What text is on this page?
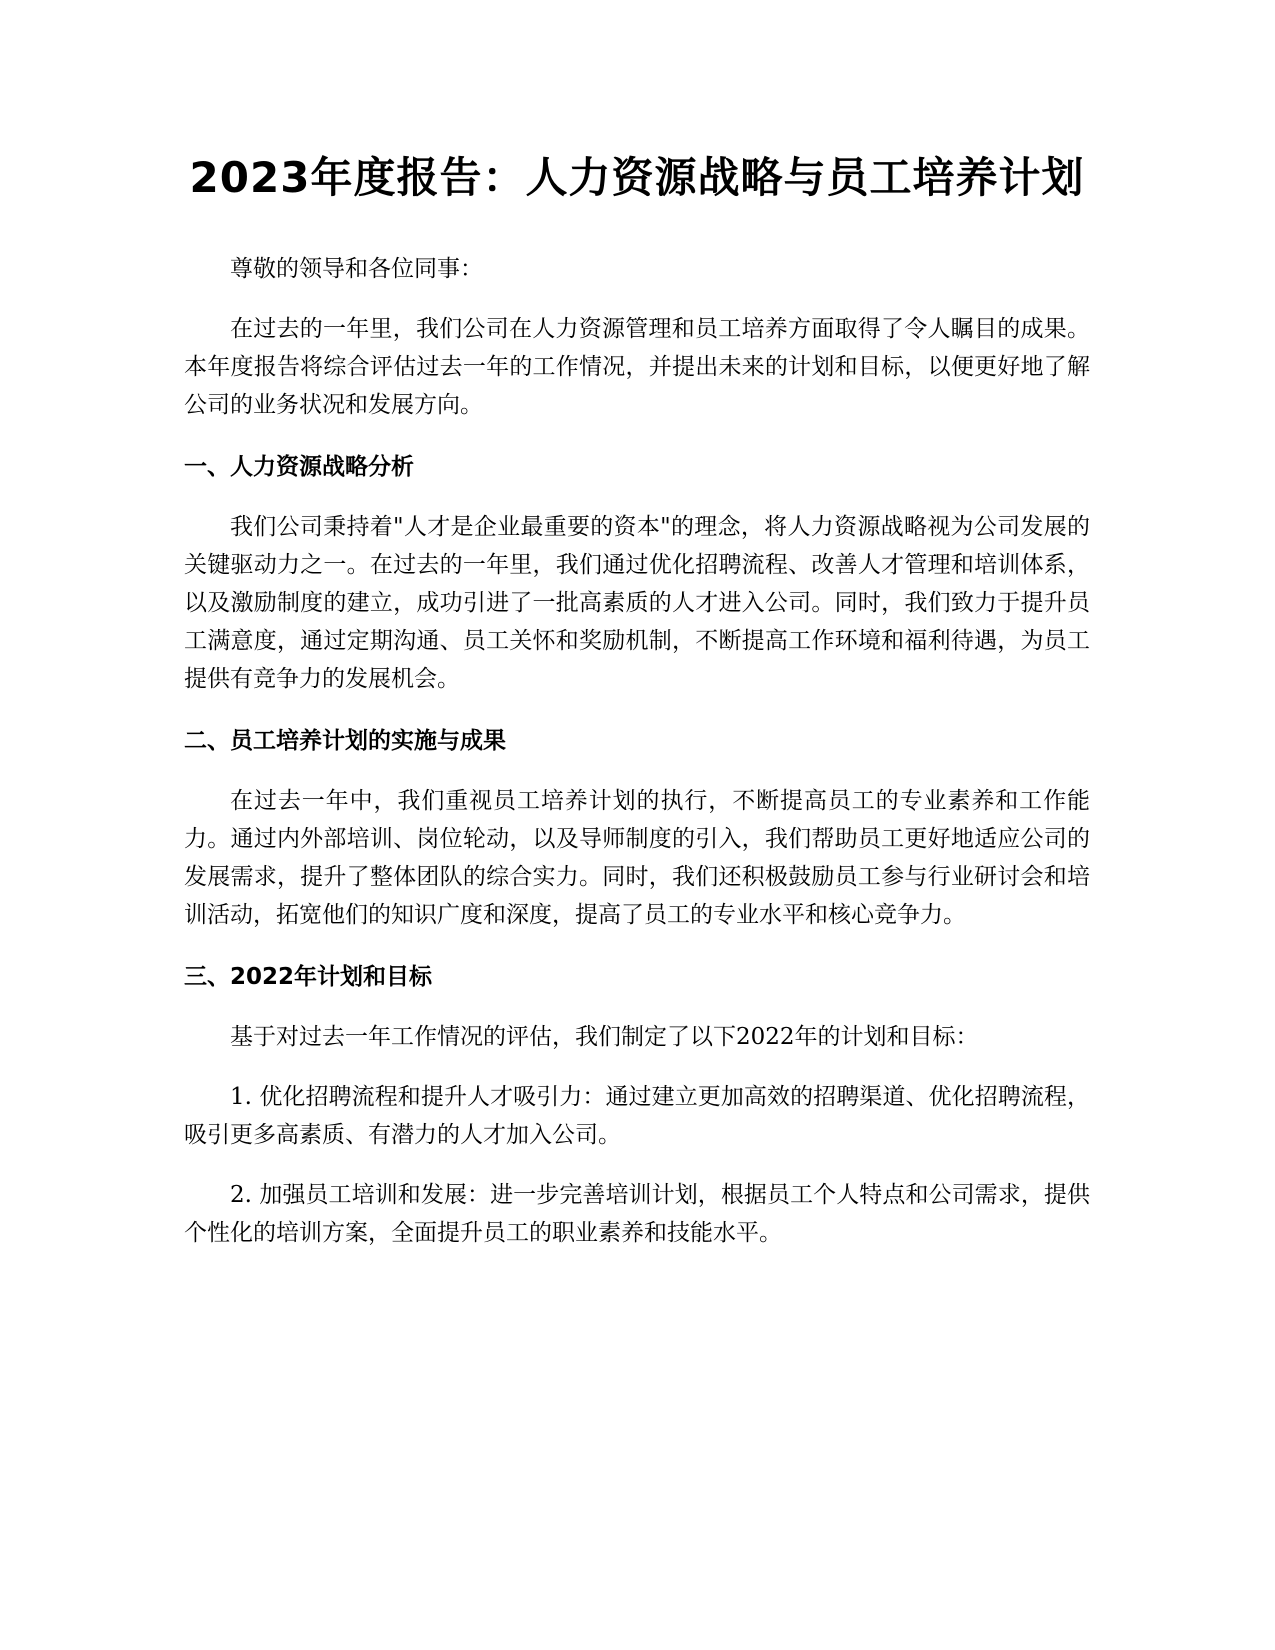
2023年度报告：人力资源战略与员工培养计划

尊敬的领导和各位同事：

在过去的一年里，我们公司在人力资源管理和员工培养方面取得了令人瞩目的成果。本年度报告将综合评估过去一年的工作情况，并提出未来的计划和目标，以便更好地了解公司的业务状况和发展方向。

一、人力资源战略分析

我们公司秉持着"人才是企业最重要的资本"的理念，将人力资源战略视为公司发展的关键驱动力之一。在过去的一年里，我们通过优化招聘流程、改善人才管理和培训体系，以及激励制度的建立，成功引进了一批高素质的人才进入公司。同时，我们致力于提升员工满意度，通过定期沟通、员工关怀和奖励机制，不断提高工作环境和福利待遇，为员工提供有竞争力的发展机会。

二、员工培养计划的实施与成果

在过去一年中，我们重视员工培养计划的执行，不断提高员工的专业素养和工作能力。通过内外部培训、岗位轮动，以及导师制度的引入，我们帮助员工更好地适应公司的发展需求，提升了整体团队的综合实力。同时，我们还积极鼓励员工参与行业研讨会和培训活动，拓宽他们的知识广度和深度，提高了员工的专业水平和核心竞争力。

三、2022年计划和目标

基于对过去一年工作情况的评估，我们制定了以下2022年的计划和目标：

1. 优化招聘流程和提升人才吸引力：通过建立更加高效的招聘渠道、优化招聘流程，吸引更多高素质、有潜力的人才加入公司。

2. 加强员工培训和发展：进一步完善培训计划，根据员工个人特点和公司需求，提供个性化的培训方案，全面提升员工的职业素养和技能水平。
